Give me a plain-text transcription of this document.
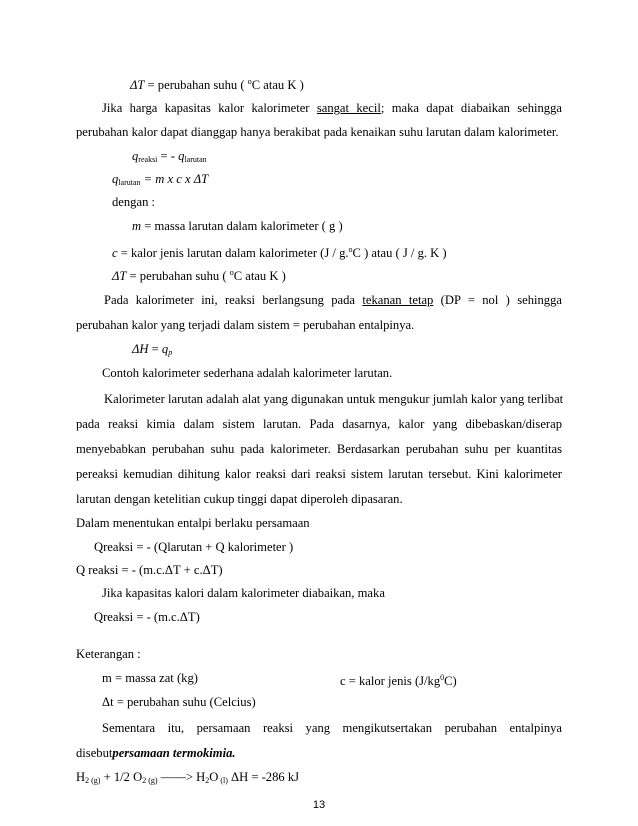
ΔT = perubahan suhu ( $^o$C atau K )
Jika harga kapasitas kalor kalorimeter sangat kecil; maka dapat diabaikan sehingga
perubahan kalor dapat dianggap hanya berakibat pada kenaikan suhu larutan dalam kalorimeter.
$q_{reaksi}$ = - $q_{larutan}$
$q_{larutan} = m$ x c x ΔT
dengan :
m = massa larutan dalam kalorimeter ( g )
c = kalor jenis larutan dalam kalorimeter (J / g.$^o$C ) atau ( J / g. K )
ΔT = perubahan suhu ( $^o$C atau K )
Pada kalorimeter ini, reaksi berlangsung pada tekanan tetap (DP = nol ) sehingga
perubahan kalor yang terjadi dalam sistem = perubahan entalpinya.
$\Delta H = q_p$
Contoh kalorimeter sederhana adalah kalorimeter larutan.
Kalorimeter larutan adalah alat yang digunakan untuk mengukur jumlah kalor yang terlibat
pada reaksi kimia dalam sistem larutan. Pada dasarnya, kalor yang dibebaskan/diserap
menyebabkan perubahan suhu pada kalorimeter. Berdasarkan perubahan suhu per kuantitas
pereaksi kemudian dihitung kalor reaksi dari reaksi sistem larutan tersebut. Kini kalorimeter
larutan dengan ketelitian cukup tinggi dapat diperoleh dipasaran.
Dalam menentukan entalpi berlaku persamaan
Qreaksi = - (Qlarutan + Q kalorimeter )
Q reaksi = - (m.c.ΔT + c.ΔT)
Jika kapasitas kalori dalam kalorimeter diabaikan, maka
Qreaksi = - (m.c.ΔT)
Keterangan :
m = massa zat (kg)	c = kalor jenis $(J/kg^0C)$
Δt = perubahan suhu (Celcius)
Sementara itu, persamaan reaksi yang mengikutsertakan perubahan entalpinya
disebutpersamaan termokimia.
$H_2$ $_{(g)}$ + 1/2 $O_2$ $_{(g)}$ ——> $H_2O$ $_{(l)}$ ΔH = -286 kJ
13
